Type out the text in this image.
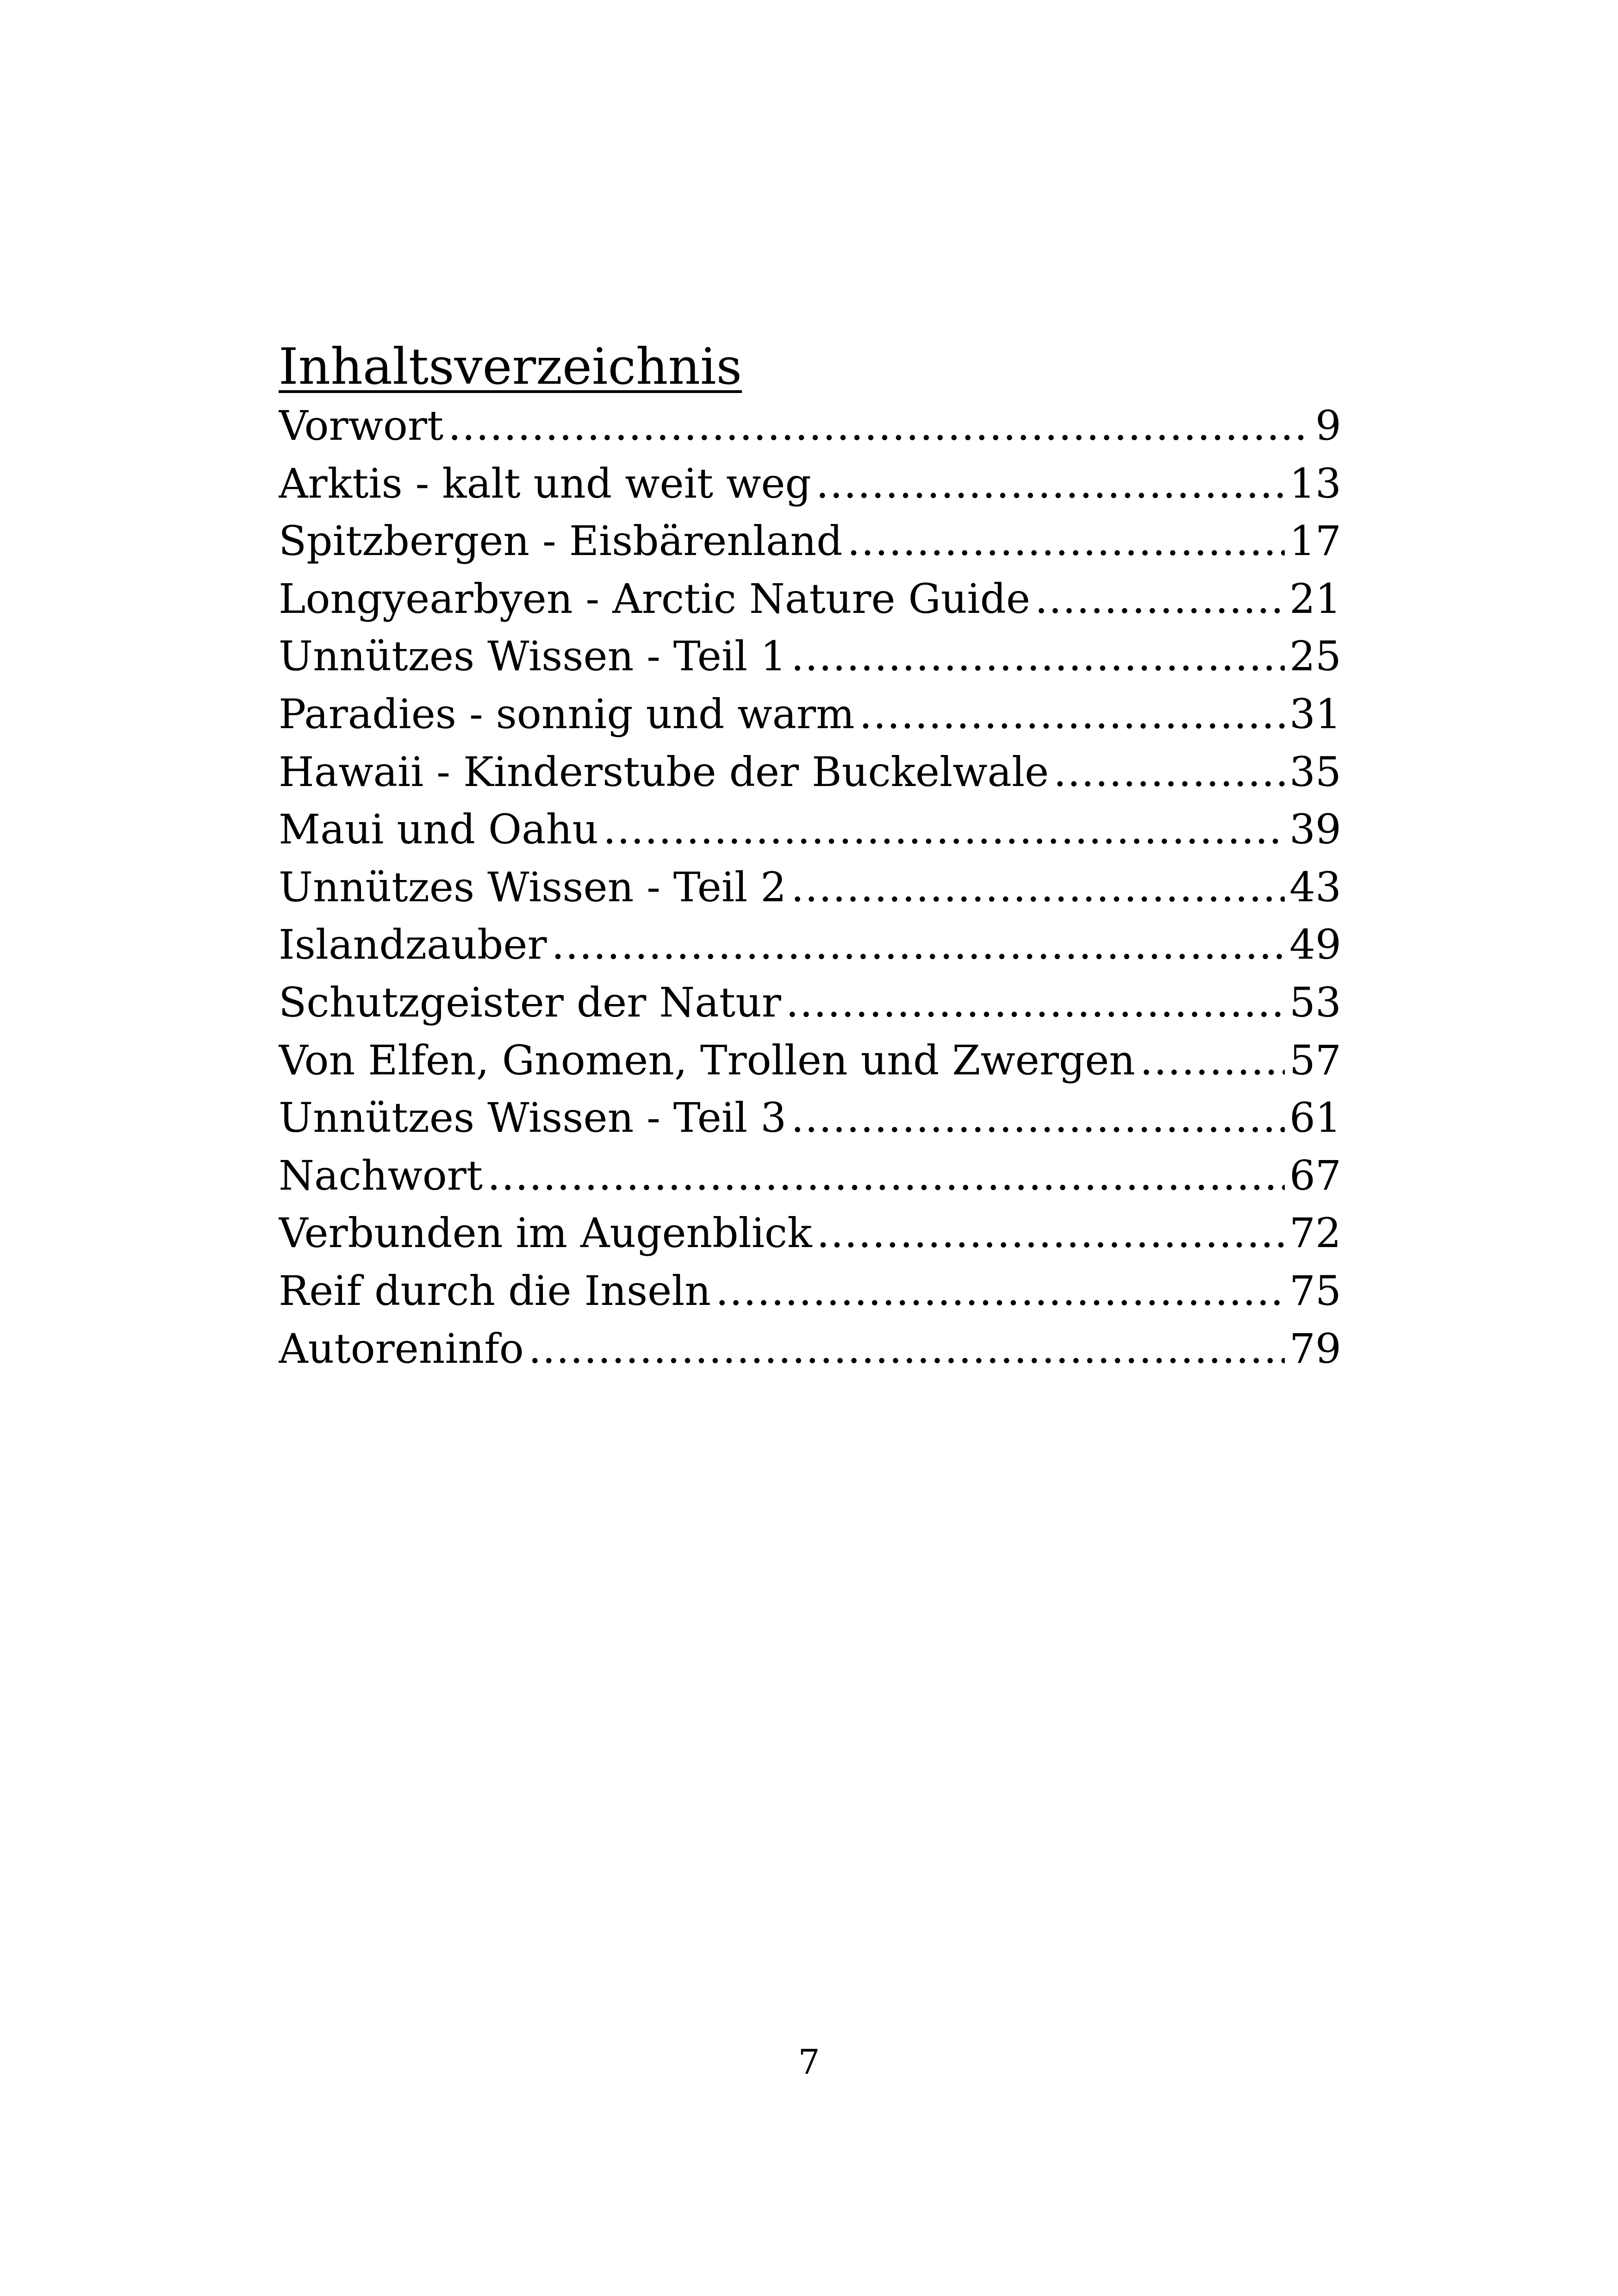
Inhaltsverzeichnis
Vorwort .....	9
Arktis - kalt und weit weg .....	13
Spitzbergen - Eisbärenland .....	17
Longyearbyen - Arctic Nature Guide .....	21
Unnützes Wissen - Teil 1 .....	25
Paradies - sonnig und warm .....	31
Hawaii - Kinderstube der Buckelwale .....	35
Maui und Oahu .....	39
Unnützes Wissen - Teil 2 .....	43
Islandzauber .....	49
Schutzgeister der Natur .....	53
Von Elfen, Gnomen, Trollen und Zwergen .....	57
Unnützes Wissen - Teil 3 .....	61
Nachwort .....	67
Verbunden im Augenblick .....	72
Reif durch die Inseln .....	75
Autoreninfo .....	79
7
